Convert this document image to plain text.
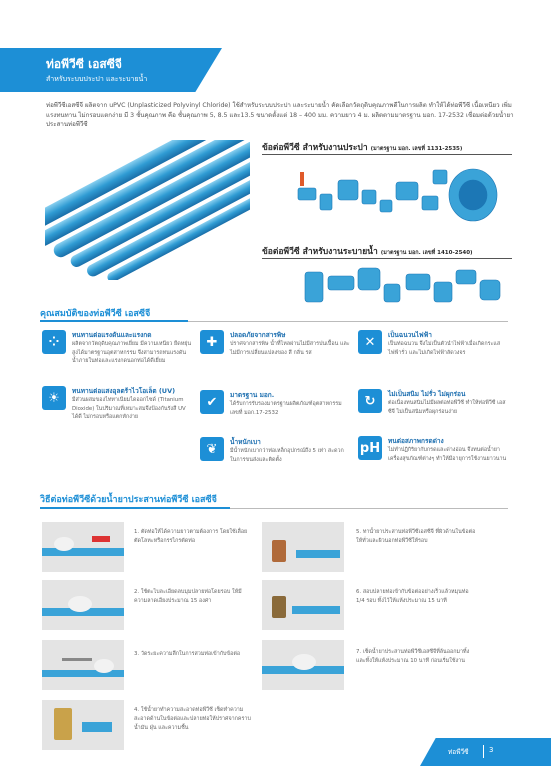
ท่อพีวีซี เอสซีจี
สำหรับระบบประปา และระบายน้ำ
ท่อพีวีซีเอสซีจี ผลิตจาก uPVC (Unplasticized Polyvinyl Chloride) ใช้สำหรับระบบประปา และระบายน้ำ คัดเลือกวัตถุดิบคุณภาพดีในการผลิต ทำให้ได้ท่อพีวีซี เนื้อเหนียว เพิ่มแรงทนทาน ไม่กรอบแตกง่าย มี 3 ชั้นคุณภาพ คือ ชั้นคุณภาพ 5, 8.5 และ13.5 ขนาดตั้งแต่ 18 – 400 มม. ความยาว 4 ม. ผลิตตามมาตรฐาน มอก. 17-2532 เชื่อมต่อด้วยน้ำยาประสานท่อพีวีซี
ข้อต่อพีวีซี สำหรับงานประปา (มาตรฐาน มอก. เลขที่ 1131-2535)
ข้อต่อพีวีซี สำหรับงานระบายน้ำ (มาตรฐาน มอก. เลขที่ 1410-2540)
คุณสมบัติของท่อพีวีซี เอสซีจี
⁘	ทนทานต่อแรงดันและแรงกด
ผลิตจากวัตถุดิบคุณภาพเยี่ยม มีความเหนียว ยืดหยุ่นสูงได้มาตรฐานอุตสาหกรรม จึงสามารถทนแรงดันน้ำภายในท่อและแรงกดนอกท่อได้ดีเยี่ยม
☀	ทนทานต่อแสงอุลตร้าไวโอเล็ต (UV)
มีส่วนผสมของไททาเนียมไดออกไซด์ (Titanium Dioxide) ในปริมาณที่เหมาะสมจึงป้องกันรังสี UV ได้ดี ไม่กรอบหรือแตกหักง่าย
✚	ปลอดภัยจากสารพิษ
ปราศจากสารพิษ น้ำที่ไหลผ่านไม่มีสารปนเปื้อน และไม่มีการเปลี่ยนแปลงของ สี กลิ่น รส
✔	มาตรฐาน มอก.
ได้รับการรับรองมาตรฐานผลิตภัณฑ์อุตสาหกรรม เลขที่ มอก.17-2532
❦	น้ำหนักเบา
มีน้ำหนักเบากว่าท่อเหล็กอุปกรณ์ถึง 5 เท่า สะดวกในการขนส่งและติดตั้ง
✕	เป็นฉนวนไฟฟ้า
เป็นท่อฉนวน จึงไม่เป็นตัวนำไฟฟ้าเมื่อเกิดกระแสไฟฟ้ารั่ว และไม่เกิดไฟฟ้าลัดวงจร
↻	ไม่เป็นสนิม ไม่รั่ว ไม่ผุกร่อน
ต่อเนื่องทนสนิมไม่มีผลต่อท่อพีวีซี ทำให้ท่อพีวีซี เอสซีจี ไม่เป็นสนิมหรือผุกร่อนง่าย
pH ทนต่อสภาพกรดด่าง
ไม่ทำปฏิกิริยากับกรดและด่างอ่อน จึงทนต่อน้ำยาเครื่องสุขภัณฑ์ต่างๆ ทำให้มีอายุการใช้งานยาวนาน
วิธีต่อท่อพีวีซีด้วยน้ำยาประสานท่อพีวีซี เอสซีจี
1. ตัดท่อให้ได้ความยาวตามต้องการ โดยใช้เลื่อยตัดโลหะหรือกรรไกรตัดท่อ
2. ใช้ตะไบละเอียดลบมุมปลายท่อโดยรอบ ให้มีความลาดเอียงประมาณ 15 องศา
3. วัดระยะความลึกในการสวมท่อเข้ากับข้อต่อ
4. ใช้น้ำยาทำความสะอาดท่อพีวีซี เช็ดทำความสะอาดด้านในข้อต่อและปลายท่อให้ปราศจากคราบน้ำมัน ฝุ่น และความชื้น
5. ทาน้ำยาประสานท่อพีวีซีเอสซีจี ที่ผิวด้านในข้อต่อให้ทั่วและผิวนอกท่อพีวีซีให้รอบ
6. สอบปลายท่อเข้ากับข้อต่ออย่างเร็วแล้วหมุนท่อ 1/4 รอบ ทิ้งไว้ให้แห้งประมาณ 15 นาที
7. เช็ดน้ำยาประสานท่อพีวีซีเอสซีจีที่ล้นออกมาทิ้ง และทิ้งให้แห้งประมาณ 10 นาที ก่อนเริ่มใช้งาน
ท่อพีวีซี	3
